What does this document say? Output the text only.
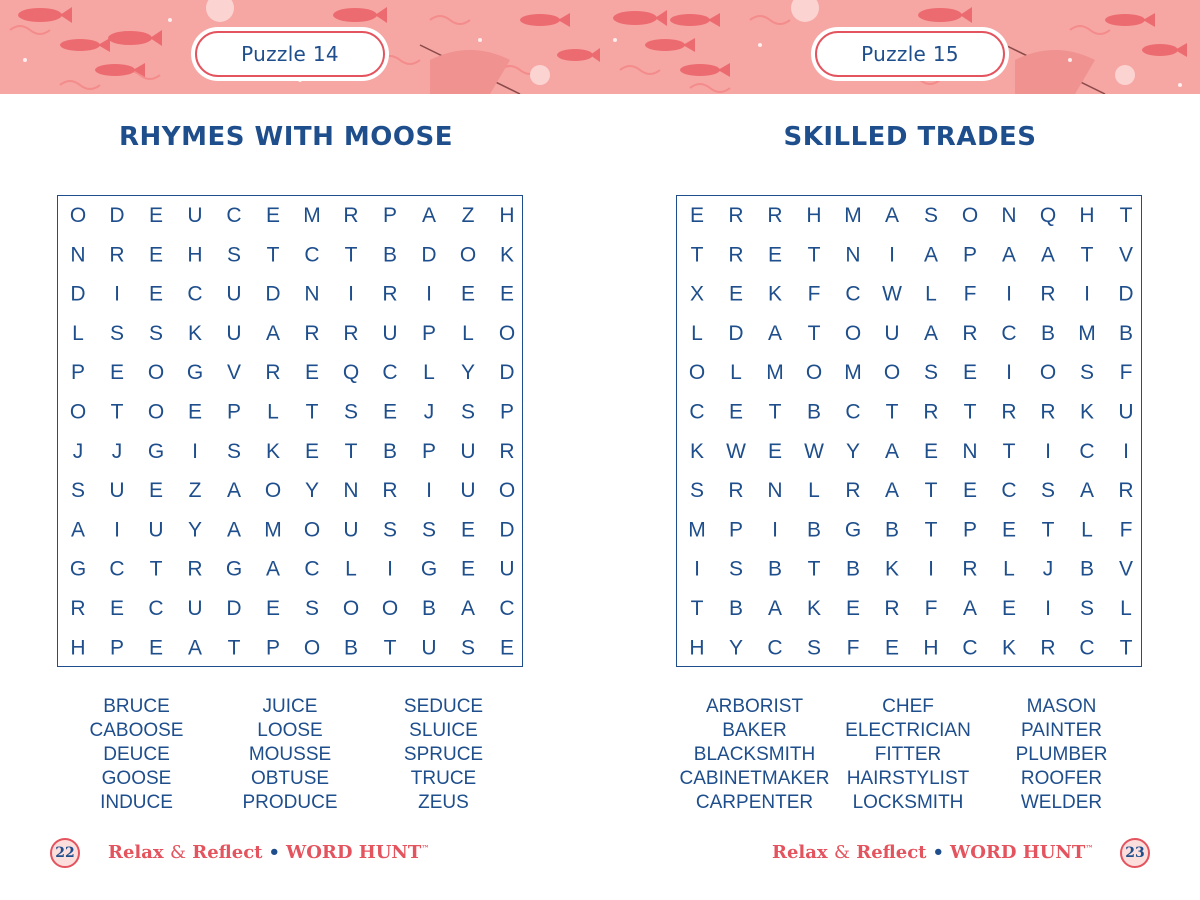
Puzzle 14
RHYMES WITH MOOSE
O D E U C E M R P A Z H
N R E H S T C T B D O K
D I E C U D N I R I E E
L S S K U A R R U P L O
P E O G V R E Q C L Y D
O T O E P L T S E J S P
J J G I S K E T B P U R
S U E Z A O Y N R I U O
A I U Y A M O U S S E D
G C T R G A C L I G E U
R E C U D E S O O B A C
H P E A T P O B T U S E
BRUCE
CABOOSE
DEUCE
GOOSE
INDUCE
JUICE
LOOSE
MOUSSE
OBTUSE
PRODUCE
SEDUCE
SLUICE
SPRUCE
TRUCE
ZEUS
22 Relax & Reflect • WORD HUNT™
Puzzle 15
SKILLED TRADES
E R R H M A S O N Q H T
T R E T N I A P A A T V
X E K F C W L F I R I D
L D A T O U A R C B M B
O L M O M O S E I O S F
C E T B C T R T R R K U
K W E W Y A E N T I C I
S R N L R A T E C S A R
M P I B G B T P E T L F
I S B T B K I R L J B V
T B A K E R F A E I S L
H Y C S F E H C K R C T
ARBORIST
BAKER
BLACKSMITH
CABINETMAKER
CARPENTER
CHEF
ELECTRICIAN
FITTER
HAIRSTYLIST
LOCKSMITH
MASON
PAINTER
PLUMBER
ROOFER
WELDER
23
Relax & Reflect • WORD HUNT™
